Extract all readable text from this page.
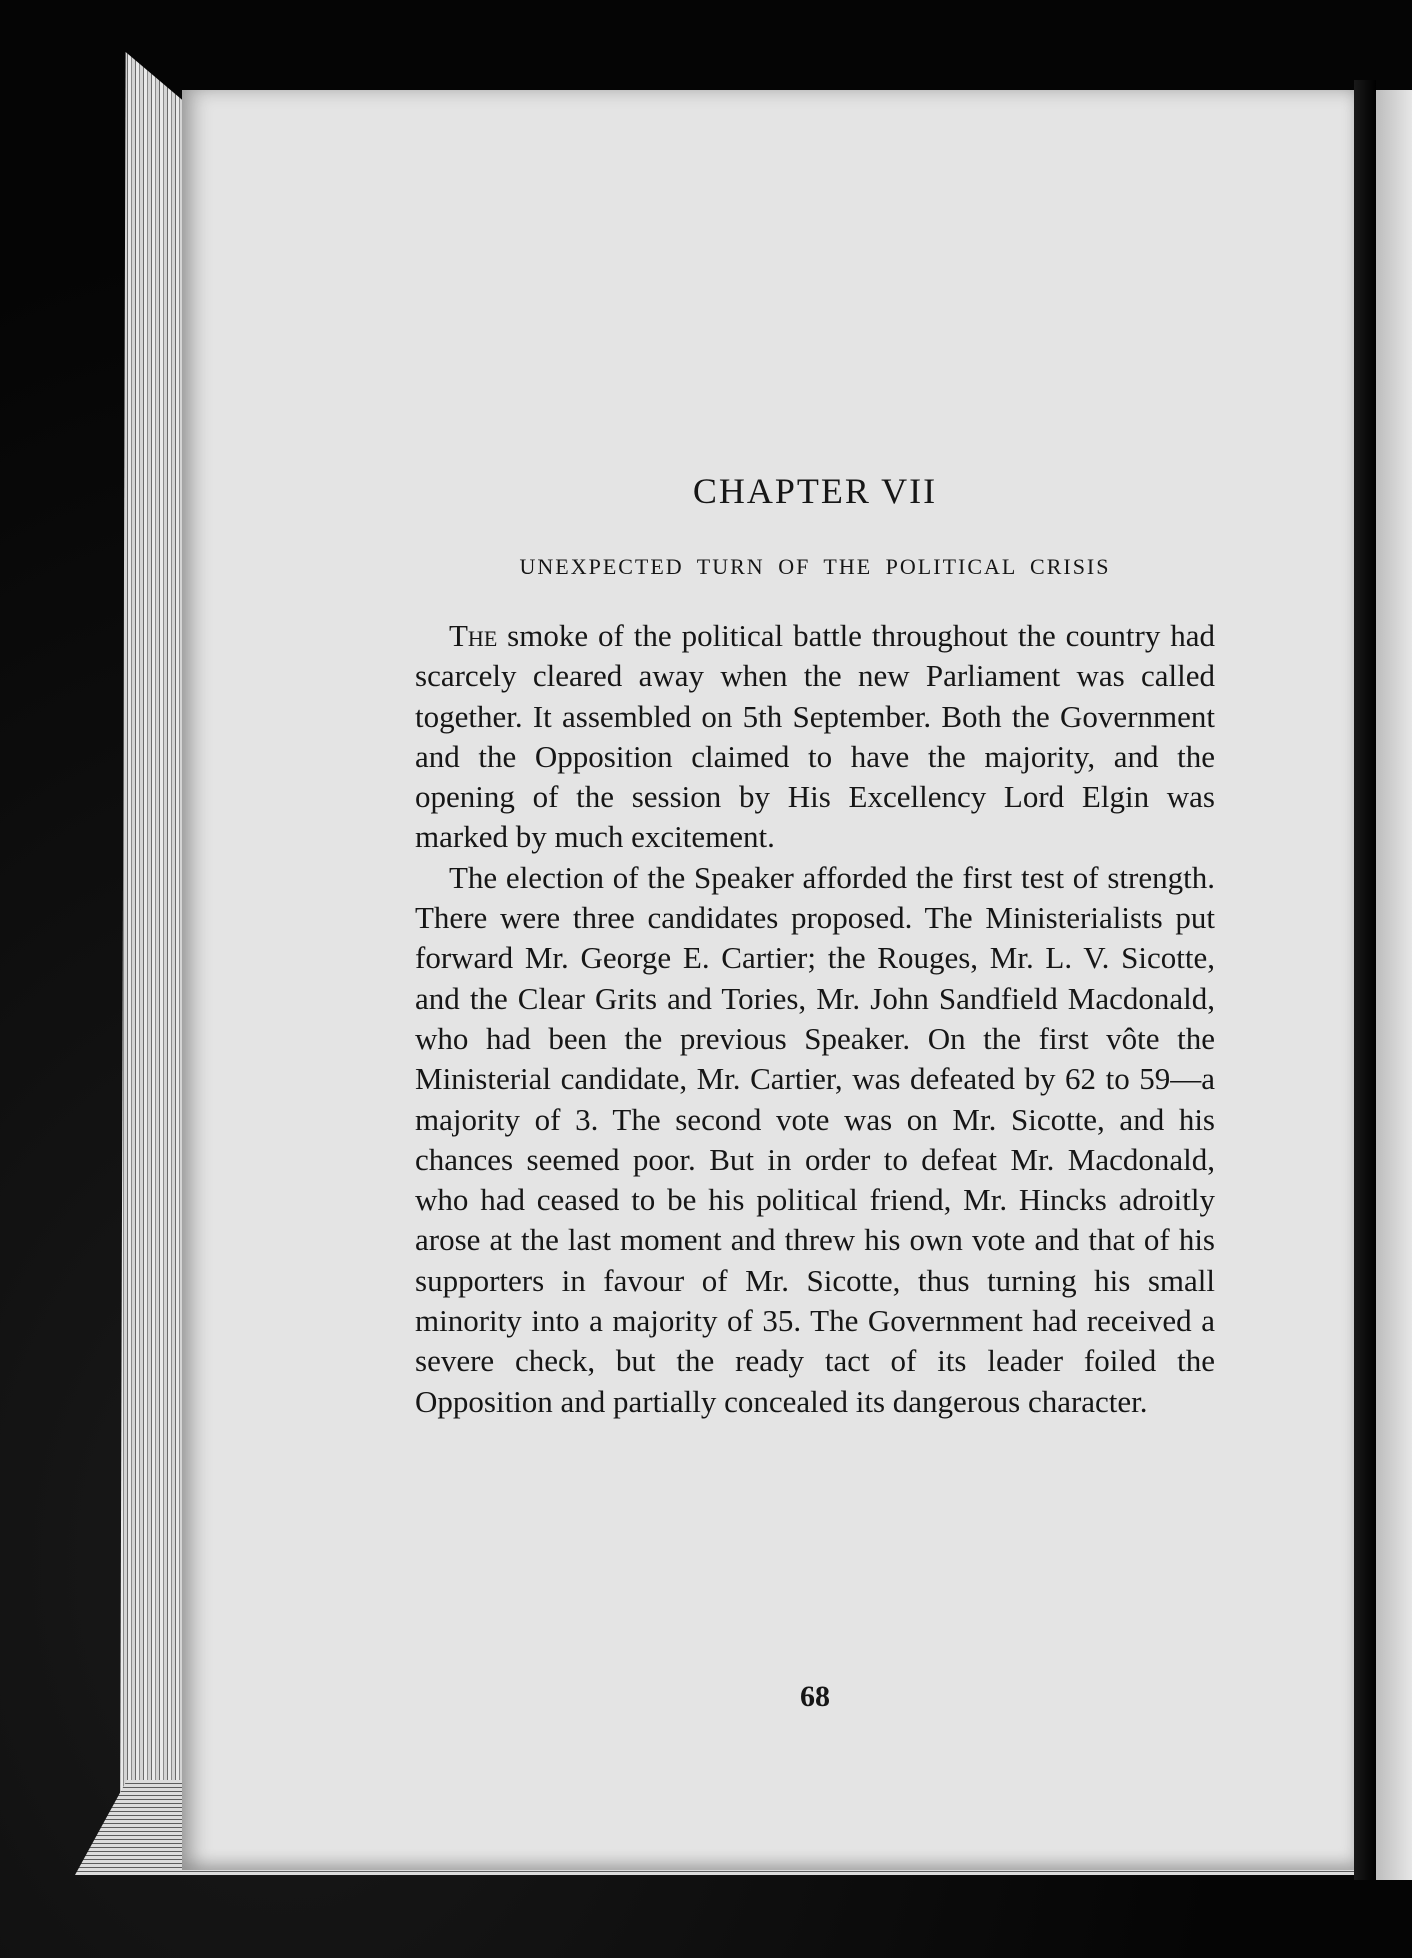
CHAPTER VII
UNEXPECTED TURN OF THE POLITICAL CRISIS

The smoke of the political battle throughout the country had scarcely cleared away when the new Parliament was called together. It assembled on 5th September. Both the Government and the Opposition claimed to have the majority, and the opening of the session by His Excellency Lord Elgin was marked by much excitement.

The election of the Speaker afforded the first test of strength. There were three candidates proposed. The Ministerialists put forward Mr. George E. Cartier; the Rouges, Mr. L. V. Sicotte, and the Clear Grits and Tories, Mr. John Sandfield Macdonald, who had been the previous Speaker. On the first vôte the Ministerial candidate, Mr. Cartier, was defeated by 62 to 59—a majority of 3. The second vote was on Mr. Sicotte, and his chances seemed poor. But in order to defeat Mr. Macdonald, who had ceased to be his political friend, Mr. Hincks adroitly arose at the last moment and threw his own vote and that of his supporters in favour of Mr. Sicotte, thus turning his small minority into a majority of 35. The Government had received a severe check, but the ready tact of its leader foiled the Opposition and partially concealed its dangerous character.

68
